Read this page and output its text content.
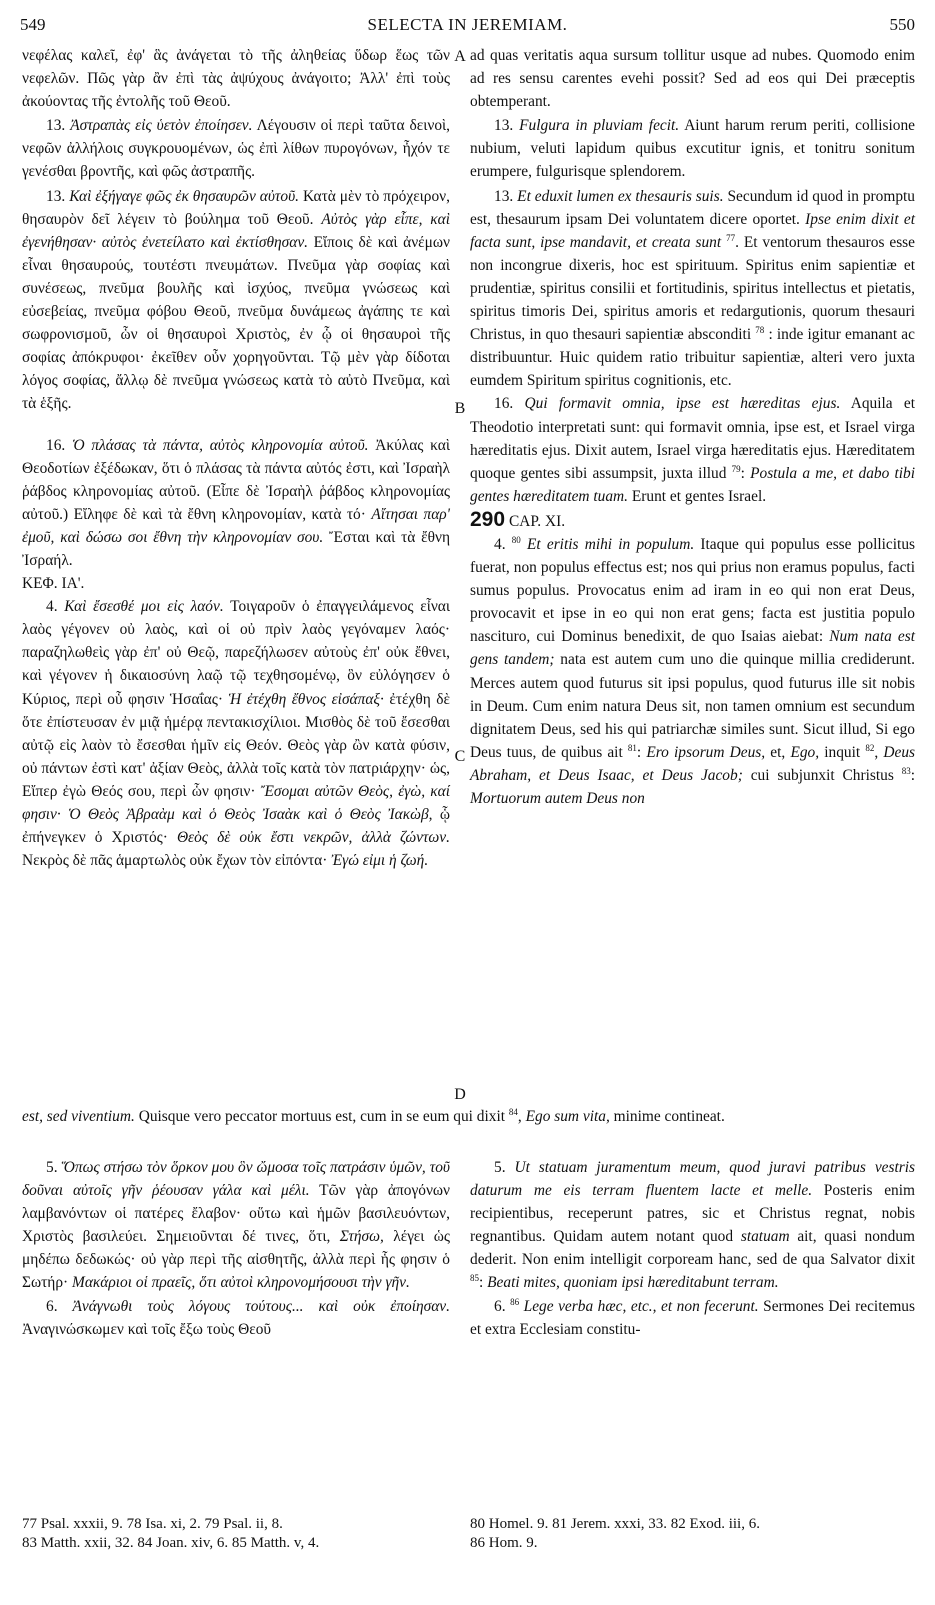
549	SELECTA IN JEREMIAM.	550

νεφέλας καλεῖ, ἐφ' ἃς ἀνάγεται τὸ τῆς ἀληθείας ὕδωρ ἕως τῶν νεφελῶν. Πῶς γὰρ ἂν ἐπὶ τὰς ἀψύχους ἀνάγοιτο; Ἀλλ' ἐπὶ τοὺς ἀκούοντας τῆς ἐντολῆς τοῦ Θεοῦ.

13. Ἀστραπὰς εἰς ὑετὸν ἐποίησεν. Λέγουσιν οἱ περὶ ταῦτα δεινοὶ, νεφῶν ἀλλήλοις συγκρουομένων, ὡς ἐπὶ λίθων πυρογόνων, ἦχόν τε γενέσθαι βροντῆς, καὶ φῶς ἀστραπῆς.

13. Καὶ ἐξήγαγε φῶς ἐκ θησαυρῶν αὐτοῦ. Κατὰ μὲν τὸ πρόχειρον, θησαυρὸν δεῖ λέγειν τὸ βούλημα τοῦ Θεοῦ. Αὐτὸς γὰρ εἶπε, καὶ ἐγενήθησαν· αὐτὸς ἐνετείλατο καὶ ἐκτίσθησαν. Εἴποις δὲ καὶ ἀνέμων εἶναι θησαυρούς, τουτέστι πνευμάτων. Πνεῦμα γὰρ σοφίας καὶ συνέσεως, πνεῦμα βουλῆς καὶ ἰσχύος, πνεῦμα γνώσεως καὶ εὐσεβείας, πνεῦμα φόβου Θεοῦ, πνεῦμα δυνάμεως ἀγάπης τε καὶ σωφρονισμοῦ, ὧν οἱ θησαυροὶ Χριστὸς, ἐν ᾧ οἱ θησαυροὶ τῆς σοφίας ἀπόκρυφοι· ἐκεῖθεν οὖν χορηγοῦνται. Τῷ μὲν γὰρ δίδοται λόγος σοφίας, ἄλλῳ δὲ πνεῦμα γνώσεως κατὰ τὸ αὐτὸ Πνεῦμα, καὶ τὰ ἑξῆς.

16. Ὁ πλάσας τὰ πάντα, αὐτὸς κληρονομία αὐτοῦ. Ἀκύλας καὶ Θεοδοτίων ἐξέδωκαν, ὅτι ὁ πλάσας τὰ πάντα αὐτός ἐστι, καὶ Ἰσραὴλ ῥάβδος κληρονομίας αὐτοῦ. (Εἶπε δὲ Ἰσραὴλ ῥάβδος κληρονομίας αὐτοῦ.) Εἴληφε δὲ καὶ τὰ ἔθνη κληρονομίαν, κατὰ τό· Αἴτησαι παρ' ἐμοῦ, καὶ δώσω σοι ἔθνη τὴν κληρονομίαν σου. Ἔσται καὶ τὰ ἔθνη Ἰσραήλ.

ΚΕΦ. ΙΑ'.

4. Καὶ ἔσεσθέ μοι εἰς λαόν. Τοιγαροῦν ὁ ἐπαγγειλάμενος εἶναι λαὸς γέγονεν οὐ λαὸς, καὶ οἱ οὐ πρὶν λαὸς γεγόναμεν λαός· παραζηλωθεὶς γὰρ ἐπ' οὐ Θεῷ, παρεζήλωσεν αὐτοὺς ἐπ' οὐκ ἔθνει, καὶ γέγονεν ἡ δικαιοσύνη λαῷ τῷ τεχθησομένῳ, ὃν εὐλόγησεν ὁ Κύριος, περὶ οὗ φησιν Ἡσαΐας· Ἡ ἐτέχθη ἔθνος εἰσάπαξ· ἐτέχθη δὲ ὅτε ἐπίστευσαν ἐν μιᾷ ἡμέρᾳ πεντακισχίλιοι. Μισθὸς δὲ τοῦ ἔσεσθαι αὐτῷ εἰς λαὸν τὸ ἔσεσθαι ἡμῖν εἰς Θεόν. Θεὸς γὰρ ὢν κατὰ φύσιν, οὐ πάντων ἐστὶ κατ' ἀξίαν Θεὸς, ἀλλὰ τοῖς κατὰ τὸν πατριάρχην· ὡς, Εἴπερ ἐγὼ Θεός σου, περὶ ὧν φησιν· Ἔσομαι αὐτῶν Θεὸς, ἐγὼ, καί φησιν· Ὁ Θεὸς Ἀβραὰμ καὶ ὁ Θεὸς Ἰσαὰκ καὶ ὁ Θεὸς Ἰακὼβ, ᾧ ἐπήνεγκεν ὁ Χριστός· Θεὸς δὲ οὐκ ἔστι νεκρῶν, ἀλλὰ ζώντων. Νεκρὸς δὲ πᾶς ἁμαρτωλὸς οὐκ ἔχων τὸν εἰπόντα· Ἐγώ εἰμι ἡ ζωή.

ad quas veritatis aqua sursum tollitur usque ad nubes. Quomodo enim ad res sensu carentes evehi possit? Sed ad eos qui Dei præceptis obtemperant.

13. Fulgura in pluviam fecit. Aiunt harum rerum periti, collisione nubium, veluti lapidum quibus excutitur ignis, et tonitru sonitum erumpere, fulgurisque splendorem.

13. Et eduxit lumen ex thesauris suis. Secundum id quod in promptu est, thesaurum ipsam Dei voluntatem dicere oportet. Ipse enim dixit et facta sunt, ipse mandavit, et creata sunt $^{77}$. Et ventorum thesauros esse non incongrue dixeris, hoc est spirituum. Spiritus enim sapientiæ et prudentiæ, spiritus consilii et fortitudinis, spiritus intellectus et pietatis, spiritus timoris Dei, spiritus amoris et redargutionis, quorum thesauri Christus, in quo thesauri sapientiæ absconditi $^{78}$ : inde igitur emanant ac distribuuntur. Huic quidem ratio tribuitur sapientiæ, alteri vero juxta eumdem Spiritum spiritus cognitionis, etc.

16. Qui formavit omnia, ipse est hæreditas ejus. Aquila et Theodotio interpretati sunt: qui formavit omnia, ipse est, et Israel virga hæreditatis ejus. Dixit autem, Israel virga hæreditatis ejus. Hæreditatem quoque gentes sibi assumpsit, juxta illud $^{79}$: Postula a me, et dabo tibi gentes hæreditatem tuam. Erunt et gentes Israel.

290 CAP. XI.

4. $^{80}$ Et eritis mihi in populum. Itaque qui populus esse pollicitus fuerat, non populus effectus est; nos qui prius non eramus populus, facti sumus populus. Provocatus enim ad iram in eo qui non erat Deus, provocavit et ipse in eo qui non erat gens; facta est justitia populo nascituro, cui Dominus benedixit, de quo Isaias aiebat: Num nata est gens tandem; nata est autem cum uno die quinque millia crediderunt. Merces autem quod futurus sit ipsi populus, quod futurus ille sit nobis in Deum. Cum enim natura Deus sit, non tamen omnium est secundum dignitatem Deus, sed his qui patriarchæ similes sunt. Sicut illud, Si ego Deus tuus, de quibus ait $^{81}$: Ero ipsorum Deus, et, Ego, inquit $^{82}$, Deus Abraham, et Deus Isaac, et Deus Jacob; cui subjunxit Christus $^{83}$: Mortuorum autem Deus non

est, sed viventium. Quisque vero peccator mortuus est, cum in se eum qui dixit $^{84}$, Ego sum vita, minime contineat.

5. Ὅπως στήσω τὸν ὅρκον μου ὃν ὤμοσα τοῖς πατράσιν ὑμῶν, τοῦ δοῦναι αὐτοῖς γῆν ῥέουσαν γάλα καὶ μέλι. Τῶν γὰρ ἀπογόνων λαμβανόντων οἱ πατέρες ἔλαβον· οὕτω καὶ ἡμῶν βασιλευόντων, Χριστὸς βασιλεύει. Σημειοῦνται δέ τινες, ὅτι, Στήσω, λέγει ὡς μηδέπω δεδωκώς· οὐ γὰρ περὶ τῆς αἰσθητῆς, ἀλλὰ περὶ ἧς φησιν ὁ Σωτήρ· Μακάριοι οἱ πραεῖς, ὅτι αὐτοὶ κληρονομήσουσι τὴν γῆν.

6. Ἀνάγνωθι τοὺς λόγους τούτους... καὶ οὐκ ἐποίησαν. Ἀναγινώσκωμεν καὶ τοῖς ἔξω τοὺς Θεοῦ

5. Ut statuam juramentum meum, quod juravi patribus vestris daturum me eis terram fluentem lacte et melle. Posteris enim recipientibus, receperunt patres, sic et Christus regnat, nobis regnantibus. Quidam autem notant quod statuam ait, quasi nondum dederit. Non enim intelligit corpoream hanc, sed de qua Salvator dixit $^{85}$: Beati mites, quoniam ipsi hæreditabunt terram.

6. $^{86}$ Lege verba hæc, etc., et non fecerunt. Sermones Dei recitemus et extra Ecclesiam constitu-

A
B
C
D
77 Psal. xxxii, 9. 78 Isa. xi, 2. 79 Psal. ii, 8.
83 Matth. xxii, 32. 84 Joan. xiv, 6. 85 Matth. v, 4.
80 Homel. 9. 81 Jerem. xxxi, 33. 82 Exod. iii, 6.
86 Hom. 9.
